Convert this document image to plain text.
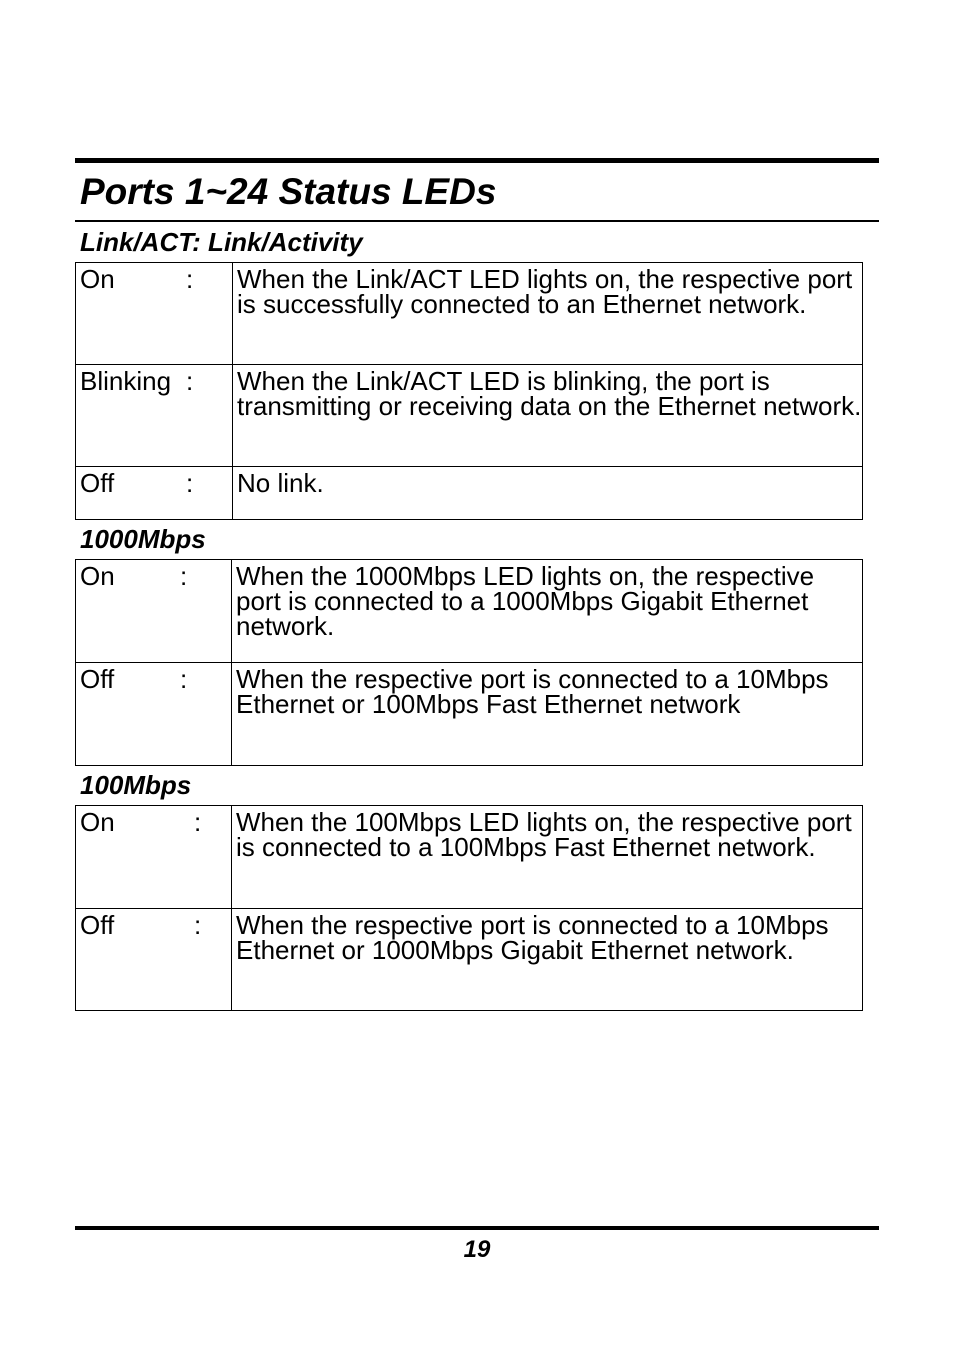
Ports 1~24 Status LEDs
Link/ACT: Link/Activity
On :	When the Link/ACT LED lights on, the respective port is successfully connected to an Ethernet network.
Blinking :	When the Link/ACT LED is blinking, the port is transmitting or receiving data on the Ethernet network.
Off :	No link.
1000Mbps
On :	When the 1000Mbps LED lights on, the respective port is connected to a 1000Mbps Gigabit Ethernet network.
Off :	When the respective port is connected to a 10Mbps Ethernet or 100Mbps Fast Ethernet network
100Mbps
On :	When the 100Mbps LED lights on, the respective port is connected to a 100Mbps Fast Ethernet network.
Off :	When the respective port is connected to a 10Mbps Ethernet or 1000Mbps Gigabit Ethernet network.
19
